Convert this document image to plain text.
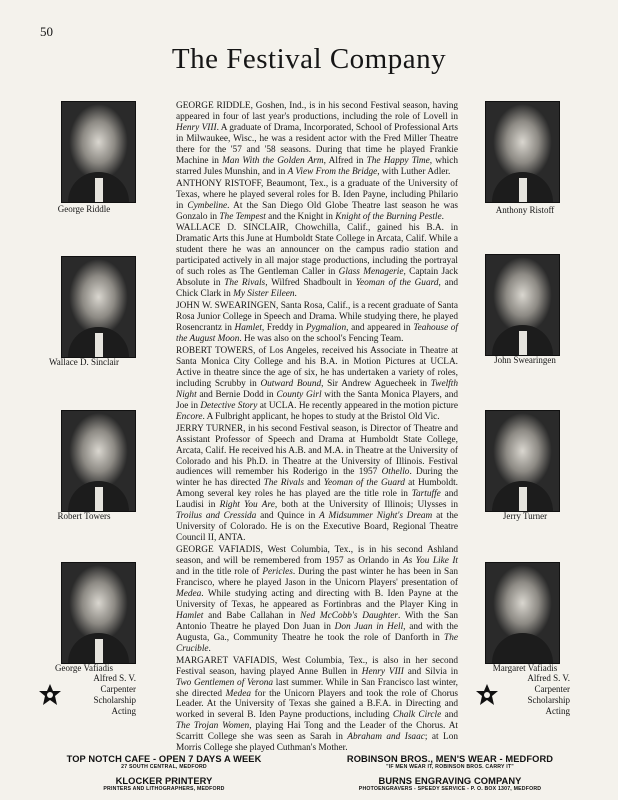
50
The Festival Company
George Riddle
Wallace D. Sinclair
Robert Towers
George Vafiadis
Alfred S. V.
Carpenter
Scholarship
Acting
Anthony Ristoff
John Swearingen
Jerry Turner
Margaret Vafiadis
Alfred S. V.
Carpenter
Scholarship
Acting

GEORGE RIDDLE, Goshen, Ind., is in his second Festival season, having appeared in four of last year's productions, including the role of Lovell in Henry VIII. A graduate of Drama, Incorporated, School of Professional Arts in Milwaukee, Wisc., he was a resident actor with the Fred Miller Theatre there for the '57 and '58 seasons. During that time he played Frankie Machine in Man With the Golden Arm, Alfred in The Happy Time, which starred Jules Munshin, and in A View From the Bridge, with Luther Adler.

ANTHONY RISTOFF, Beaumont, Tex., is a graduate of the University of Texas, where he played several roles for B. Iden Payne, including Philario in Cymbeline. At the San Diego Old Globe Theatre last season he was Gonzalo in The Tempest and the Knight in Knight of the Burning Pestle.

WALLACE D. SINCLAIR, Chowchilla, Calif., gained his B.A. in Dramatic Arts this June at Humboldt State College in Arcata, Calif. While a student there he was an announcer on the campus radio station and participated actively in all major stage productions, including the portrayal of such roles as The Gentleman Caller in Glass Menagerie, Captain Jack Absolute in The Rivals, Wilfred Shadboult in Yeoman of the Guard, and Chick Clark in My Sister Eileen.

JOHN W. SWEARINGEN, Santa Rosa, Calif., is a recent graduate of Santa Rosa Junior College in Speech and Drama. While studying there, he played Rosencrantz in Hamlet, Freddy in Pygmalion, and appeared in Teahouse of the August Moon. He was also on the school's Fencing Team.

ROBERT TOWERS, of Los Angeles, received his Associate in Theatre at Santa Monica City College and his B.A. in Motion Pictures at UCLA. Active in theatre since the age of six, he has undertaken a variety of roles, including Scrubby in Outward Bound, Sir Andrew Aguecheek in Twelfth Night and Bernie Dodd in County Girl with the Santa Monica Players, and Joe in Detective Story at UCLA. He recently appeared in the motion picture Encore. A Fulbright applicant, he hopes to study at the Bristol Old Vic.

JERRY TURNER, in his second Festival season, is Director of Theatre and Assistant Professor of Speech and Drama at Humboldt State College, Arcata, Calif. He received his A.B. and M.A. in Theatre at the University of Colorado and his Ph.D. in Theatre at the University of Illinois. Festival audiences will remember his Roderigo in the 1957 Othello. During the winter he has directed The Rivals and Yeoman of the Guard at Humboldt. Among several key roles he has played are the title role in Tartuffe and Laudisi in Right You Are, both at the University of Illinois; Ulysses in Troilus and Cressida and Quince in A Midsummer Night's Dream at the University of Colorado. He is on the Executive Board, Regional Theatre Council II, ANTA.

GEORGE VAFIADIS, West Columbia, Tex., is in his second Ashland season, and will be remembered from 1957 as Orlando in As You Like It and in the title role of Pericles. During the past winter he has been in San Francisco, where he played Jason in the Unicorn Players' presentation of Medea. While studying acting and directing with B. Iden Payne at the University of Texas, he appeared as Fortinbras and the Player King in Hamlet and Babe Callahan in Ned McCobb's Daughter. With the San Antonio Theatre he played Don Juan in Don Juan in Hell, and with the Augusta, Ga., Community Theatre he took the role of Danforth in The Crucible.

MARGARET VAFIADIS, West Columbia, Tex., is also in her second Festival season, having played Anne Bullen in Henry VIII and Silvia in Two Gentlemen of Verona last summer. While in San Francisco last winter, she directed Medea for the Unicorn Players and took the role of Chorus Leader. At the University of Texas she gained a B.F.A. in Directing and worked in several B. Iden Payne productions, including Chalk Circle and The Trojan Women, playing Hai Tong and the Leader of the Chorus. At Scarritt College she was seen as Sarah in Abraham and Isaac; at Lon Morris College she played Cuthman's Mother.

TOP NOTCH CAFE - OPEN 7 DAYS A WEEK
27 SOUTH CENTRAL, MEDFORD
KLOCKER PRINTERY
PRINTERS AND LITHOGRAPHERS, MEDFORD
ROBINSON BROS., MEN'S WEAR - MEDFORD
"IF MEN WEAR IT, ROBINSON BROS. CARRY IT"
BURNS ENGRAVING COMPANY
PHOTOENGRAVERS - SPEEDY SERVICE - P. O. BOX 1307, MEDFORD
